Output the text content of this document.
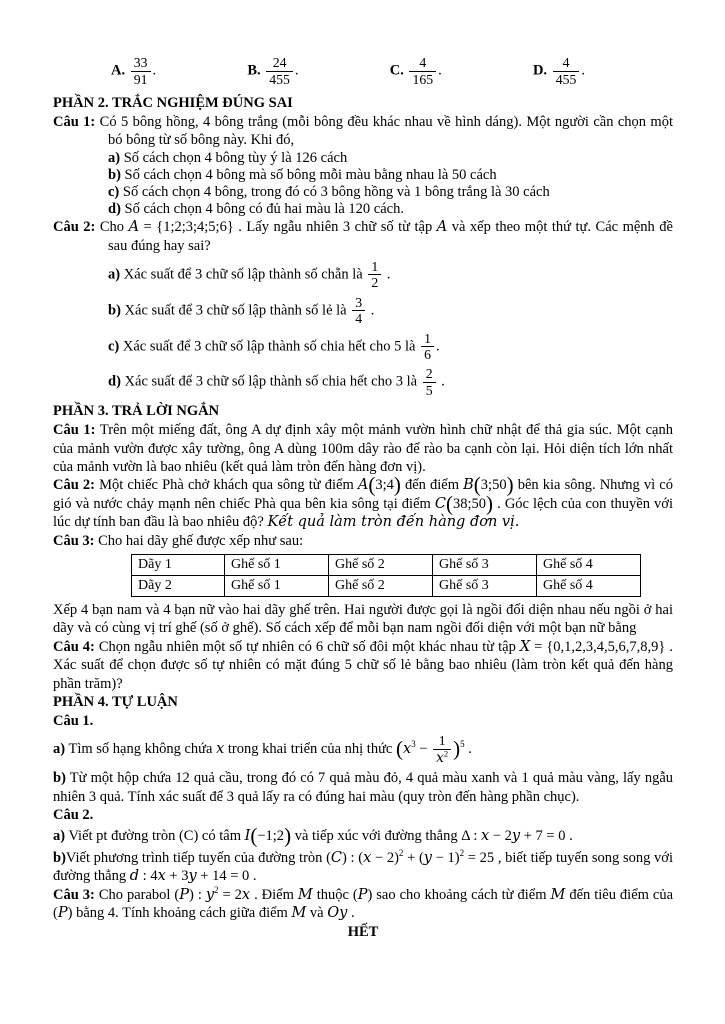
A. $\frac{33}{91}$ .	B. $\frac{24}{455}$ .	C. $\frac{4}{165}$ .	D. $\frac{4}{455}$ .

PHẦN 2. TRẮC NGHIỆM ĐÚNG SAI

Câu 1: Có 5 bông hồng, 4 bông trắng (mỗi bông đều khác nhau về hình dáng). Một người cần chọn một bó bông từ số bông này. Khi đó,

a) Số cách chọn 4 bông tùy ý là 126 cách

b) Số cách chọn 4 bông mà số bông mỗi màu bằng nhau là 50 cách

c) Số cách chọn 4 bông, trong đó có 3 bông hồng và 1 bông trắng là 30 cách

d) Số cách chọn 4 bông có đủ hai màu là 120 cách.

Câu 2: Cho A = {1;2;3;4;5;6} . Lấy ngẫu nhiên 3 chữ số từ tập A và xếp theo một thứ tự. Các mệnh đề sau đúng hay sai?

a) Xác suất để 3 chữ số lập thành số chẵn là $\frac{1}{2}$ .

b) Xác suất để 3 chữ số lập thành số lẻ là $\frac{3}{4}$ .

c) Xác suất để 3 chữ số lập thành số chia hết cho 5 là $\frac{1}{6}$ .

d) Xác suất để 3 chữ số lập thành số chia hết cho 3 là $\frac{2}{5}$ .

PHẦN 3. TRẢ LỜI NGẮN

Câu 1: Trên một miếng đất, ông A dự định xây một mảnh vườn hình chữ nhật để thả gia súc. Một cạnh của mảnh vườn được xây tường, ông A dùng 100m dây rào để rào ba cạnh còn lại. Hỏi diện tích lớn nhất của mảnh vườn là bao nhiêu (kết quả làm tròn đến hàng đơn vị).

Câu 2: Một chiếc Phà chở khách qua sông từ điểm A(3;4) đến điểm B(3;50) bên kia sông. Nhưng vì có gió và nước chảy mạnh nên chiếc Phà qua bên kia sông tại điểm C(38;50) . Góc lệch của con thuyền với lúc dự tính ban đầu là bao nhiêu độ? Kết quả làm tròn đến hàng đơn vị.

Câu 3: Cho hai dãy ghế được xếp như sau:

Dãy 1	Ghế số 1	Ghế số 2	Ghế số 3	Ghế số 4
Dãy 2	Ghế số 1	Ghế số 2	Ghế số 3	Ghế số 4

Xếp 4 bạn nam và 4 bạn nữ vào hai dãy ghế trên. Hai người được gọi là ngồi đối diện nhau nếu ngồi ở hai dãy và có cùng vị trí ghế (số ở ghế). Số cách xếp để mỗi bạn nam ngồi đối diện với một bạn nữ bằng

Câu 4: Chọn ngẫu nhiên một số tự nhiên có 6 chữ số đôi một khác nhau từ tập X = {0,1,2,3,4,5,6,7,8,9} . Xác suất để chọn được số tự nhiên có mặt đúng 5 chữ số lẻ bằng bao nhiêu (làm tròn kết quả đến hàng phần trăm)?

PHẦN 4. TỰ LUẬN

Câu 1.

a) Tìm số hạng không chứa x trong khai triển của nhị thức $(x^3 - \frac{1}{x^2} )^5$ .

b) Từ một hộp chứa 12 quả cầu, trong đó có 7 quả màu đỏ, 4 quả màu xanh và 1 quả màu vàng, lấy ngẫu nhiên 3 quả. Tính xác suất để 3 quả lấy ra có đúng hai màu (quy tròn đến hàng phần chục).

Câu 2.

a) Viết pt đường tròn (C) có tâm I(−1;2) và tiếp xúc với đường thẳng Δ : x − 2y + 7 = 0 .

b)Viết phương trình tiếp tuyến của đường tròn (C) : $(x - 2)^2 + (y - 1)^2 = 25$ , biết tiếp tuyến song song với đường thẳng d : 4x + 3y + 14 = 0 .

Câu 3: Cho parabol (P) : $y^2 = 2x$ . Điểm M thuộc (P) sao cho khoảng cách từ điểm M đến tiêu điểm của (P) bằng 4. Tính khoảng cách giữa điểm M và Oy .

HẾT
